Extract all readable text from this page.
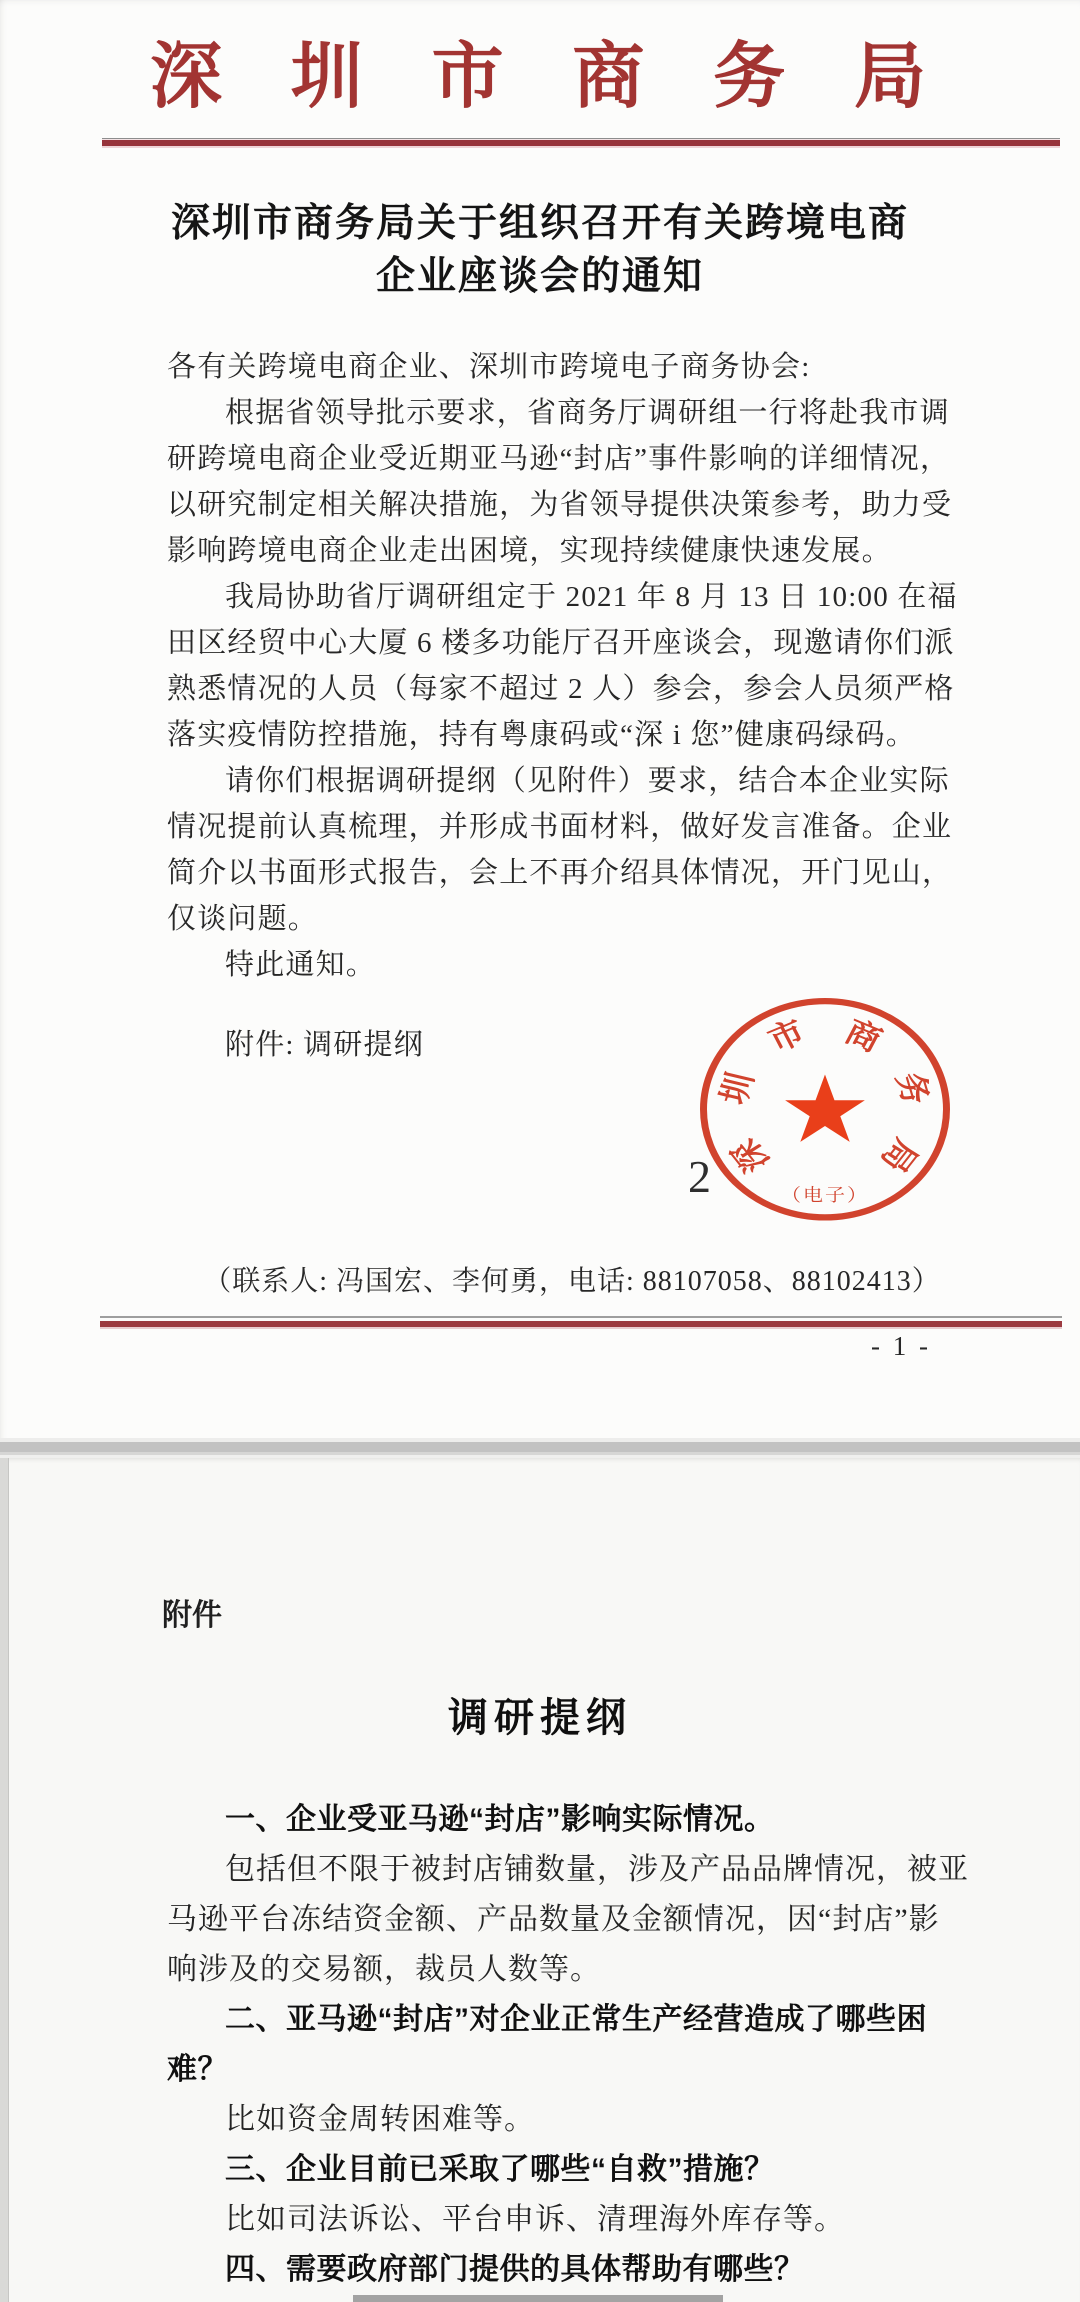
深 圳 市 商 务 局
深圳市商务局关于组织召开有关跨境电商
企业座谈会的通知
各有关跨境电商企业、深圳市跨境电子商务协会:
根据省领导批示要求，省商务厅调研组一行将赴我市调
研跨境电商企业受近期亚马逊“封店”事件影响的详细情况，
以研究制定相关解决措施，为省领导提供决策参考，助力受
影响跨境电商企业走出困境，实现持续健康快速发展。
我局协助省厅调研组定于 2021 年 8 月 13 日 10:00 在福
田区经贸中心大厦 6 楼多功能厅召开座谈会，现邀请你们派
熟悉情况的人员（每家不超过 2 人）参会，参会人员须严格
落实疫情防控措施，持有粤康码或“深 i 您”健康码绿码。
请你们根据调研提纲（见附件）要求，结合本企业实际
情况提前认真梳理，并形成书面材料，做好发言准备。企业
简介以书面形式报告，会上不再介绍具体情况，开门见山，
仅谈问题。
特此通知。
附件: 调研提纲
深
圳
市 商
务
局
★
（电子）
2
（联系人: 冯国宏、李何勇，电话: 88107058、88102413）
- 1 -
附件
调研提纲
一、企业受亚马逊“封店”影响实际情况。
包括但不限于被封店铺数量，涉及产品品牌情况，被亚
马逊平台冻结资金额、产品数量及金额情况，因“封店”影
响涉及的交易额，裁员人数等。
二、亚马逊“封店”对企业正常生产经营造成了哪些困
难？
比如资金周转困难等。
三、企业目前已采取了哪些“自救”措施？
比如司法诉讼、平台申诉、清理海外库存等。
四、需要政府部门提供的具体帮助有哪些？
